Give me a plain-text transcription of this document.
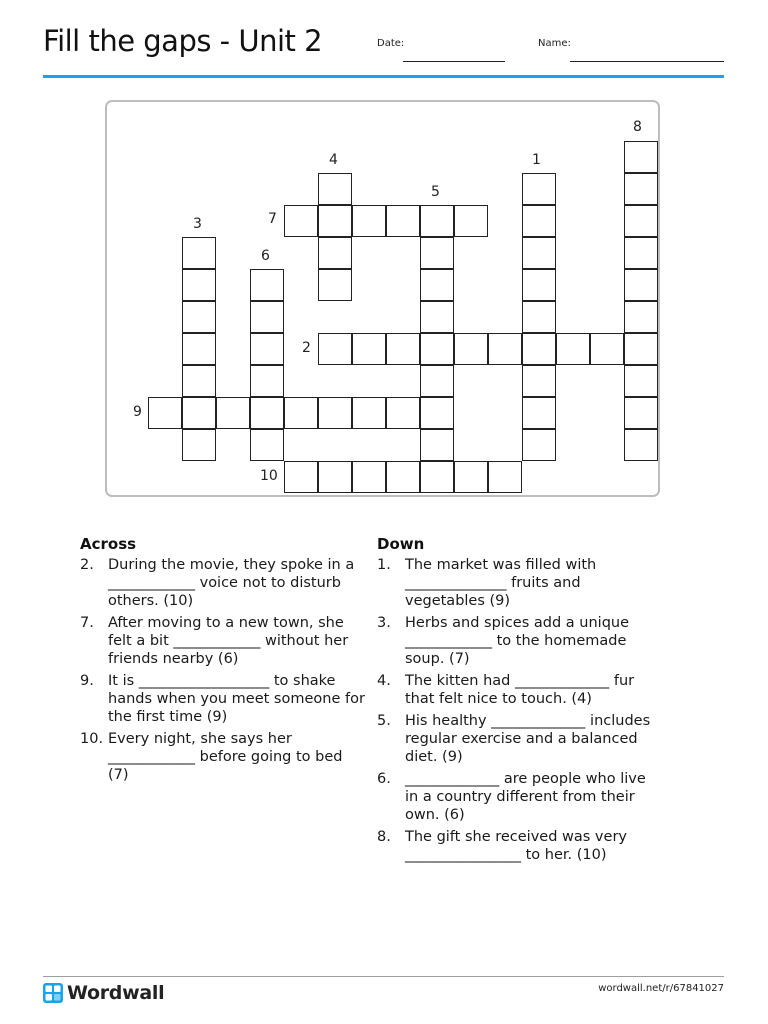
Fill the gaps - Unit 2	Date:	Name:
1
2
3
4
5
6
7
8
9
10
Across
2. During the movie, they spoke in a ____________ voice not to disturb others. (10)
7. After moving to a new town, she felt a bit ____________ without her friends nearby (6)
9. It is __________________ to shake hands when you meet someone for the first time (9)
10. Every night, she says her ____________ before going to bed (7)
Down
1. The market was filled with ______________ fruits and vegetables (9)
3. Herbs and spices add a unique ____________ to the homemade soup. (7)
4. The kitten had _____________ fur that felt nice to touch. (4)
5. His healthy _____________ includes regular exercise and a balanced diet. (9)
6. _____________ are people who live in a country different from their own. (6)
8. The gift she received was very ________________ to her. (10)
Wordwall	wordwall.net/r/67841027
